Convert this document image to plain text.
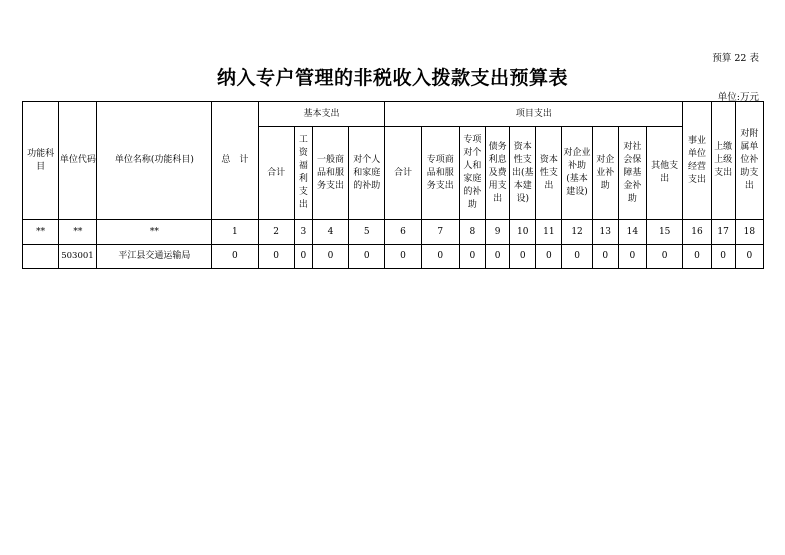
预算 22 表
纳入专户管理的非税收入拨款支出预算表
单位:万元
功能科目	单位代码	单位名称(功能科目)	总　计	基本支出				项目支出										事业单位经营支出	上缴上级支出	对附属单位补助支出
				合计	工资福利支出	一般商品和服务支出	对个人和家庭的补助	合计	专项商品和服务支出	专项对个人和家庭的补助	债务利息及费用支出	资本性支出(基本建设)	资本性支出	对企业补助(基本建设)	对企业补助	对社会保障基金补助	其他支出			
**	**	**	1	2	3	4	5	6	7	8	9	10	11	12	13	14	15	16	17	18
	503001	平江县交通运输局	0	0	0	0	0	0	0	0	0	0	0	0	0	0	0	0	0	0
